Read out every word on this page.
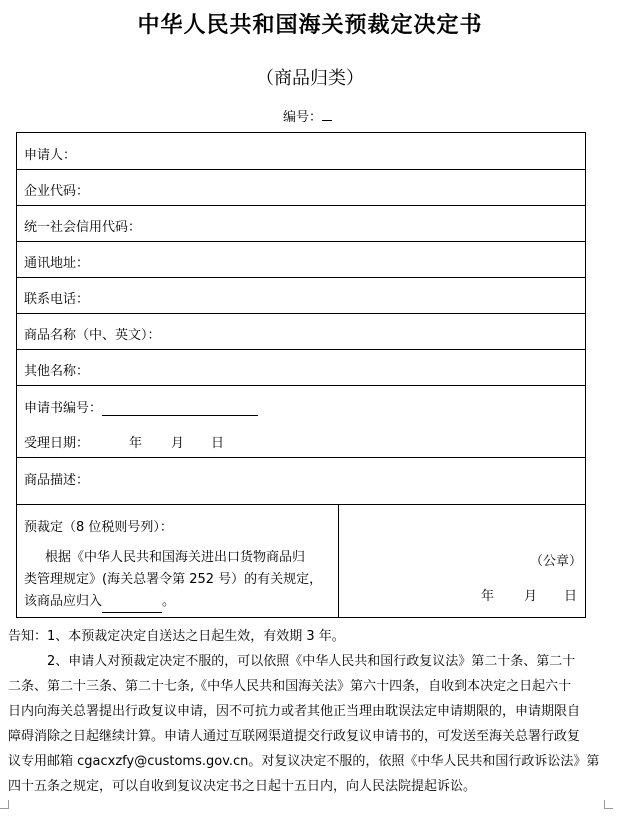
中华人民共和国海关预裁定决定书
（商品归类）
编号：
申请人：
企业代码：
统一社会信用代码：
通讯地址：
联系电话：
商品名称（中、英文）：
其他名称：
申请书编号：
受理日期：	年 月 日
商品描述：
预裁定（8 位税则号列）：
根据《中华人民共和国海关进出口货物商品归
类管理规定》(海关总署令第 252 号）的有关规定，
该商品应归入	。
（公章）
年 月 日
告知：1、本预裁定决定自送达之日起生效，有效期 3 年。
　　　2、申请人对预裁定决定不服的，可以依照《中华人民共和国行政复议法》第二十条、第二十
二条、第二十三条、第二十七条,《中华人民共和国海关法》第六十四条，自收到本决定之日起六十
日内向海关总署提出行政复议申请，因不可抗力或者其他正当理由耽误法定申请期限的，申请期限自
障碍消除之日起继续计算。申请人通过互联网渠道提交行政复议申请书的，可发送至海关总署行政复
议专用邮箱 cgacxzfy@customs.gov.cn。对复议决定不服的，依照《中华人民共和国行政诉讼法》第
四十五条之规定，可以自收到复议决定书之日起十五日内，向人民法院提起诉讼。
